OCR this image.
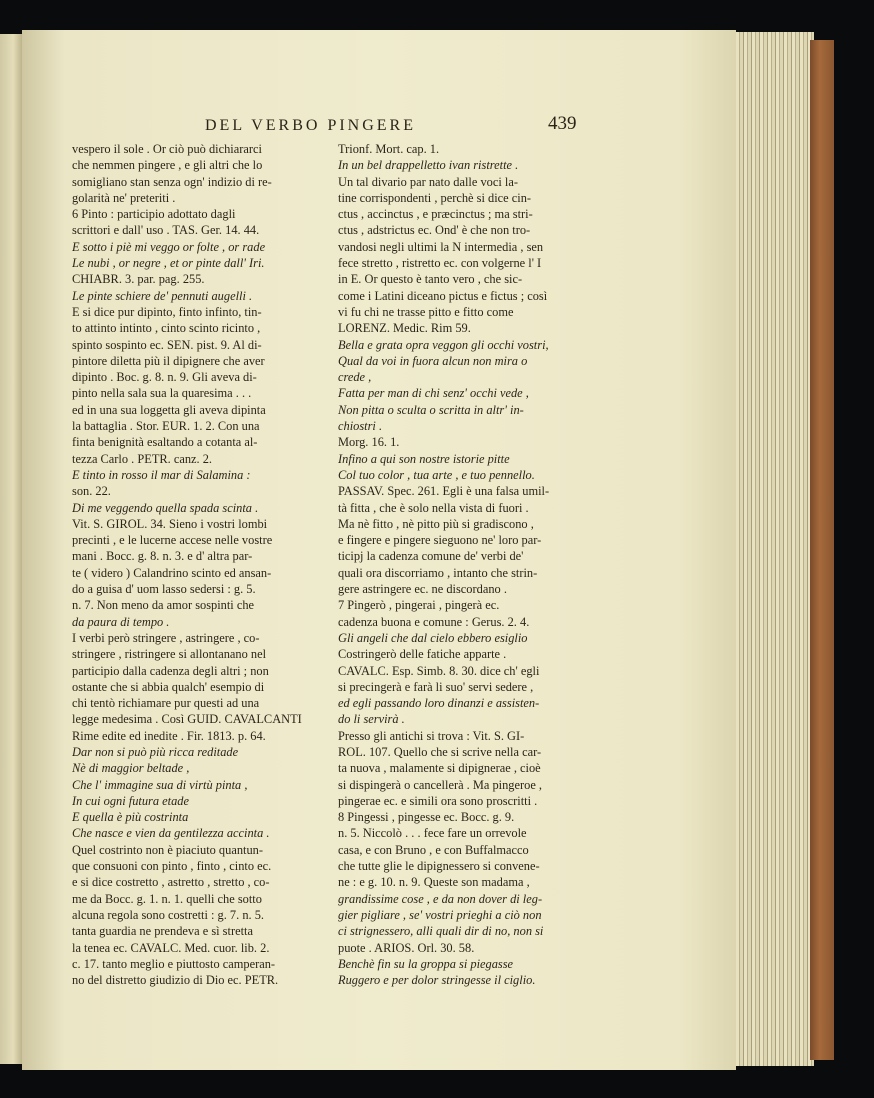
DEL VERBO PINGERE	439
vespero il sole . Or ciò può dichiararci
che nemmen pingere , e gli altri che lo
somigliano stan senza ogn' indizio di re-
golarità ne' preteriti .
6 Pinto : participio adottato dagli
scrittori e dall' uso . TAS. Ger. 14. 44.
E sotto i piè mi veggo or folte , or rade
Le nubi , or negre , et or pinte dall' Iri.
CHIABR. 3. par. pag. 255.
Le pinte schiere de' pennuti augelli .
E si dice pur dipinto, finto infinto, tin-
to attinto intinto , cinto scinto ricinto ,
spinto sospinto ec. SEN. pist. 9. Al di-
pintore diletta più il dipignere che aver
dipinto . Boc. g. 8. n. 9. Gli aveva di-
pinto nella sala sua la quaresima . . .
ed in una sua loggetta gli aveva dipinta
la battaglia . Stor. EUR. 1. 2. Con una
finta benignità esaltando a cotanta al-
tezza Carlo . PETR. canz. 2.
E tinto in rosso il mar di Salamina :
son. 22.
Di me veggendo quella spada scinta .
Vit. S. GIROL. 34. Sieno i vostri lombi
precinti , e le lucerne accese nelle vostre
mani . Bocc. g. 8. n. 3. e d' altra par-
te ( videro ) Calandrino scinto ed ansan-
do a guisa d' uom lasso sedersi : g. 5.
n. 7. Non meno da amor sospinti che
da paura di tempo .
I verbi però stringere , astringere , co-
stringere , ristringere si allontanano nel
participio dalla cadenza degli altri ; non
ostante che si abbia qualch' esempio di
chi tentò richiamare pur questi ad una
legge medesima . Così GUID. CAVALCANTI
Rime edite ed inedite . Fir. 1813. p. 64.
Dar non si può più ricca reditade
Nè di maggior beltade ,
Che l' immagine sua di virtù pinta ,
In cui ogni futura etade
E quella è più costrinta
Che nasce e vien da gentilezza accinta .
Quel costrinto non è piaciuto quantun-
que consuoni con pinto , finto , cinto ec.
e si dice costretto , astretto , stretto , co-
me da Bocc. g. 1. n. 1. quelli che sotto
alcuna regola sono costretti : g. 7. n. 5.
tanta guardia ne prendeva e sì stretta
la tenea ec. CAVALC. Med. cuor. lib. 2.
c. 17. tanto meglio e piuttosto camperan-
no del distretto giudizio di Dio ec. PETR.
Trionf. Mort. cap. 1.
In un bel drappelletto ivan ristrette .
Un tal divario par nato dalle voci la-
tine corrispondenti , perchè si dice cin-
ctus , accinctus , e præcinctus ; ma stri-
ctus , adstrictus ec. Ond' è che non tro-
vandosi negli ultimi la N intermedia , sen
fece stretto , ristretto ec. con volgerne l' I
in E. Or questo è tanto vero , che sic-
come i Latini diceano pictus e fictus ; così
vi fu chi ne trasse pitto e fitto come
LORENZ. Medic. Rim 59.
Bella e grata opra veggon gli occhi vostri,
Qual da voi in fuora alcun non mira o
crede ,
Fatta per man di chi senz' occhi vede ,
Non pitta o sculta o scritta in altr' in-
chiostri .
Morg. 16. 1.
Infino a qui son nostre istorie pitte
Col tuo color , tua arte , e tuo pennello.
PASSAV. Spec. 261. Egli è una falsa umil-
tà fitta , che è solo nella vista di fuori .
Ma nè fitto , nè pitto più si gradiscono ,
e fingere e pingere sieguono ne' loro par-
ticipj la cadenza comune de' verbi de'
quali ora discorriamo , intanto che strin-
gere astringere ec. ne discordano .
7 Pingerò , pingerai , pingerà ec.
cadenza buona e comune : Gerus. 2. 4.
Gli angeli che dal cielo ebbero esiglio
Costringerò delle fatiche apparte .
CAVALC. Esp. Simb. 8. 30. dice ch' egli
si precingerà e farà li suo' servi sedere ,
ed egli passando loro dinanzi e assisten-
do li servirà .
Presso gli antichi si trova : Vit. S. GI-
ROL. 107. Quello che si scrive nella car-
ta nuova , malamente si dipignerae , cioè
si dispingerà o cancellerà . Ma pingeroe ,
pingerae ec. e simili ora sono proscritti .
8 Pingessi , pingesse ec. Bocc. g. 9.
n. 5. Niccolò . . . fece fare un orrevole
casa, e con Bruno , e con Buffalmacco
che tutte glie le dipignessero si convene-
ne : e g. 10. n. 9. Queste son madama ,
grandissime cose , e da non dover di leg-
gier pigliare , se' vostri prieghi a ciò non
ci strignessero, alli quali dir di no, non si
puote . ARIOS. Orl. 30. 58.
Benchè fin su la groppa si piegasse
Ruggero e per dolor stringesse il ciglio.
